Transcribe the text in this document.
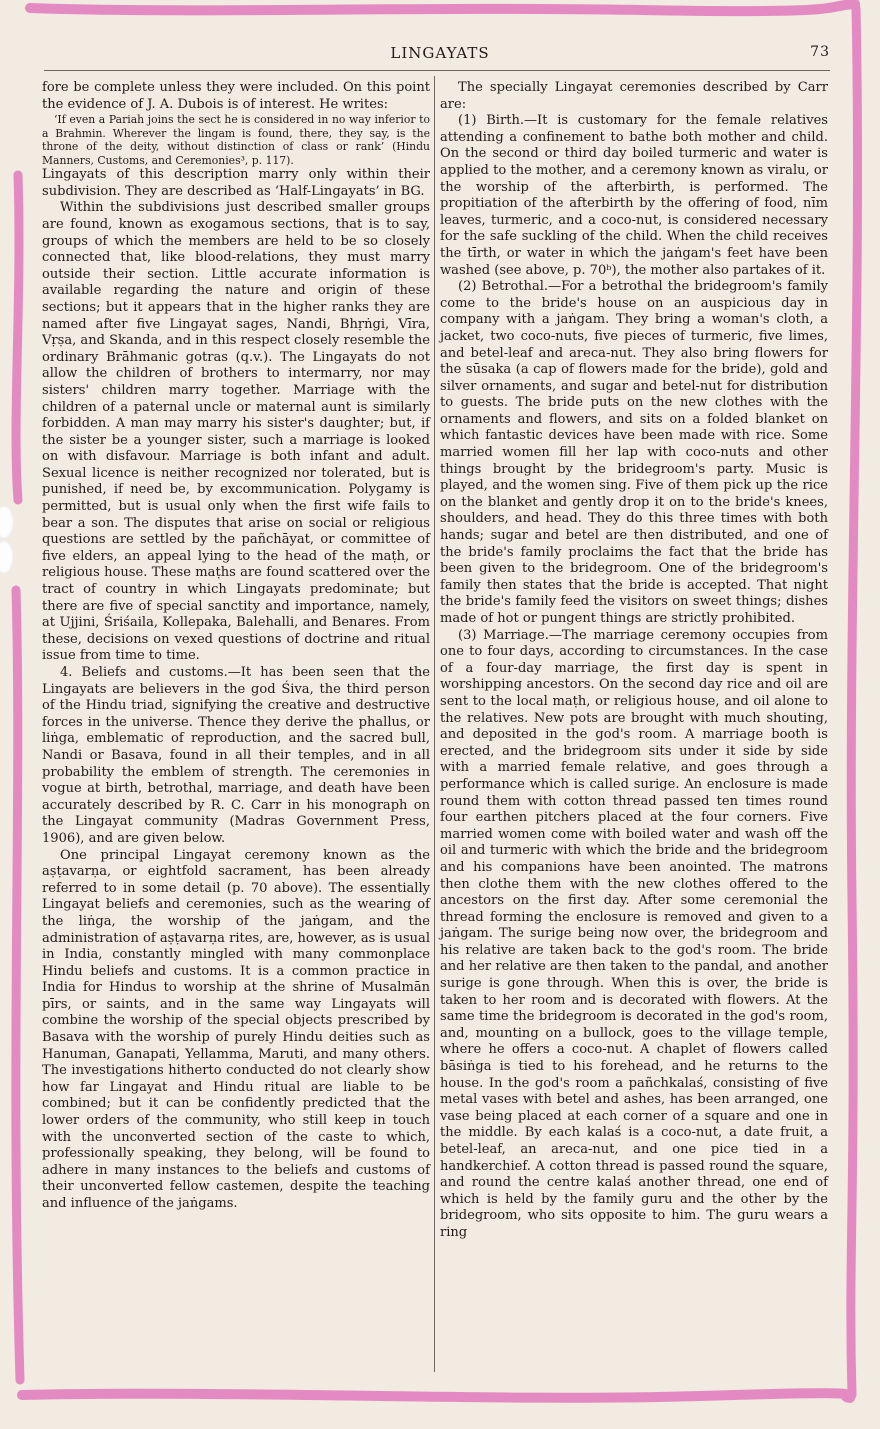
LINGAYATS	73

fore be complete unless they were included. On this point the evidence of J. A. Dubois is of interest. He writes:

‘If even a Pariah joins the sect he is considered in no way inferior to a Brahmin. Wherever the lingam is found, there, they say, is the throne of the deity, without distinction of class or rank’ (Hindu Manners, Customs, and Ceremonies³, p. 117).

Lingayats of this description marry only within their subdivision. They are described as ‘Half-Lingayats’ in BG.

Within the subdivisions just described smaller groups are found, known as exogamous sections, that is to say, groups of which the members are held to be so closely connected that, like blood-relations, they must marry outside their section. Little accurate information is available regarding the nature and origin of these sections; but it appears that in the higher ranks they are named after five Lingayat sages, Nandi, Bhṛṅgi, Vīra, Vṛṣa, and Skanda, and in this respect closely resemble the ordinary Brāhmanic gotras (q.v.). The Lingayats do not allow the children of brothers to intermarry, nor may sisters' children marry together. Marriage with the children of a paternal uncle or maternal aunt is similarly forbidden. A man may marry his sister's daughter; but, if the sister be a younger sister, such a marriage is looked on with disfavour. Marriage is both infant and adult. Sexual licence is neither recognized nor tolerated, but is punished, if need be, by excommunication. Polygamy is permitted, but is usual only when the first wife fails to bear a son. The disputes that arise on social or religious questions are settled by the pañchāyat, or committee of five elders, an appeal lying to the head of the maṭh, or religious house. These maṭhs are found scattered over the tract of country in which Lingayats predominate; but there are five of special sanctity and importance, namely, at Ujjini, Śriśaila, Kollepaka, Balehalli, and Benares. From these, decisions on vexed questions of doctrine and ritual issue from time to time.

4. Beliefs and customs.—It has been seen that the Lingayats are believers in the god Śiva, the third person of the Hindu triad, signifying the creative and destructive forces in the universe. Thence they derive the phallus, or liṅga, emblematic of reproduction, and the sacred bull, Nandi or Basava, found in all their temples, and in all probability the emblem of strength. The ceremonies in vogue at birth, betrothal, marriage, and death have been accurately described by R. C. Carr in his monograph on the Lingayat community (Madras Government Press, 1906), and are given below.

One principal Lingayat ceremony known as the aṣṭavarṇa, or eightfold sacrament, has been already referred to in some detail (p. 70 above). The essentially Lingayat beliefs and ceremonies, such as the wearing of the liṅga, the worship of the jaṅgam, and the administration of aṣṭavarṇa rites, are, however, as is usual in India, constantly mingled with many commonplace Hindu beliefs and customs. It is a common practice in India for Hindus to worship at the shrine of Musalmān pīrs, or saints, and in the same way Lingayats will combine the worship of the special objects prescribed by Basava with the worship of purely Hindu deities such as Hanuman, Ganapati, Yellamma, Maruti, and many others. The investigations hitherto conducted do not clearly show how far Lingayat and Hindu ritual are liable to be combined; but it can be confidently predicted that the lower orders of the community, who still keep in touch with the unconverted section of the caste to which, professionally speaking, they belong, will be found to adhere in many instances to the beliefs and customs of their unconverted fellow castemen, despite the teaching and influence of the jaṅgams.

The specially Lingayat ceremonies described by Carr are:

(1) Birth.—It is customary for the female relatives attending a confinement to bathe both mother and child. On the second or third day boiled turmeric and water is applied to the mother, and a ceremony known as viralu, or the worship of the afterbirth, is performed. The propitiation of the afterbirth by the offering of food, nīm leaves, turmeric, and a coco-nut, is considered necessary for the safe suckling of the child. When the child receives the tīrth, or water in which the jaṅgam's feet have been washed (see above, p. 70ᵇ), the mother also partakes of it.

(2) Betrothal.—For a betrothal the bridegroom's family come to the bride's house on an auspicious day in company with a jaṅgam. They bring a woman's cloth, a jacket, two coco-nuts, five pieces of turmeric, five limes, and betel-leaf and areca-nut. They also bring flowers for the sūsaka (a cap of flowers made for the bride), gold and silver ornaments, and sugar and betel-nut for distribution to guests. The bride puts on the new clothes with the ornaments and flowers, and sits on a folded blanket on which fantastic devices have been made with rice. Some married women fill her lap with coco-nuts and other things brought by the bridegroom's party. Music is played, and the women sing. Five of them pick up the rice on the blanket and gently drop it on to the bride's knees, shoulders, and head. They do this three times with both hands; sugar and betel are then distributed, and one of the bride's family proclaims the fact that the bride has been given to the bridegroom. One of the bridegroom's family then states that the bride is accepted. That night the bride's family feed the visitors on sweet things; dishes made of hot or pungent things are strictly prohibited.

(3) Marriage.—The marriage ceremony occupies from one to four days, according to circumstances. In the case of a four-day marriage, the first day is spent in worshipping ancestors. On the second day rice and oil are sent to the local maṭh, or religious house, and oil alone to the relatives. New pots are brought with much shouting, and deposited in the god's room. A marriage booth is erected, and the bridegroom sits under it side by side with a married female relative, and goes through a performance which is called surige. An enclosure is made round them with cotton thread passed ten times round four earthen pitchers placed at the four corners. Five married women come with boiled water and wash off the oil and turmeric with which the bride and the bridegroom and his companions have been anointed. The matrons then clothe them with the new clothes offered to the ancestors on the first day. After some ceremonial the thread forming the enclosure is removed and given to a jaṅgam. The surige being now over, the bridegroom and his relative are taken back to the god's room. The bride and her relative are then taken to the pandal, and another surige is gone through. When this is over, the bride is taken to her room and is decorated with flowers. At the same time the bridegroom is decorated in the god's room, and, mounting on a bullock, goes to the village temple, where he offers a coco-nut. A chaplet of flowers called bāsiṅga is tied to his forehead, and he returns to the house. In the god's room a pañchkalaś, consisting of five metal vases with betel and ashes, has been arranged, one vase being placed at each corner of a square and one in the middle. By each kalaś is a coco-nut, a date fruit, a betel-leaf, an areca-nut, and one pice tied in a handkerchief. A cotton thread is passed round the square, and round the centre kalaś another thread, one end of which is held by the family guru and the other by the bridegroom, who sits opposite to him. The guru wears a ring
